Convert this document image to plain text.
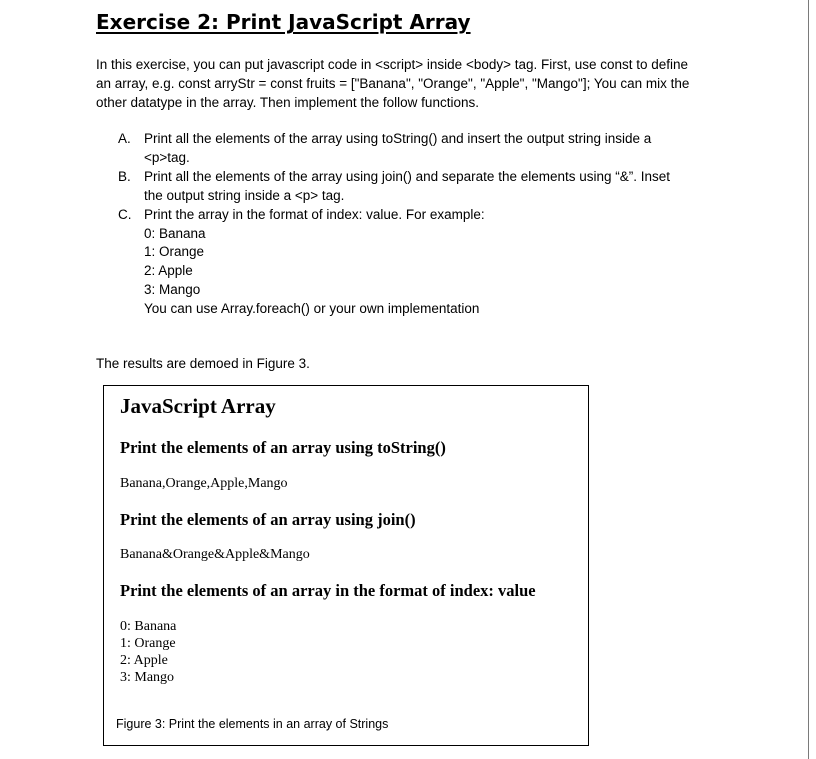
Exercise 2: Print JavaScript Array
In this exercise, you can put javascript code in <script> inside <body> tag. First, use const to define
an array, e.g. const arryStr = const fruits = ["Banana", "Orange", "Apple", "Mango"]; You can mix the
other datatype in the array. Then implement the follow functions.
A. Print all the elements of the array using toString() and insert the output string inside a
<p>tag.
B. Print all the elements of the array using join() and separate the elements using “&”. Inset
the output string inside a <p> tag.
C. Print the array in the format of index: value. For example:
0: Banana
1: Orange
2: Apple
3: Mango
You can use Array.foreach() or your own implementation
The results are demoed in Figure 3.
JavaScript Array
Print the elements of an array using toString()
Banana,Orange,Apple,Mango
Print the elements of an array using join()
Banana&Orange&Apple&Mango
Print the elements of an array in the format of index: value
0: Banana
1: Orange
2: Apple
3: Mango
Figure 3: Print the elements in an array of Strings
